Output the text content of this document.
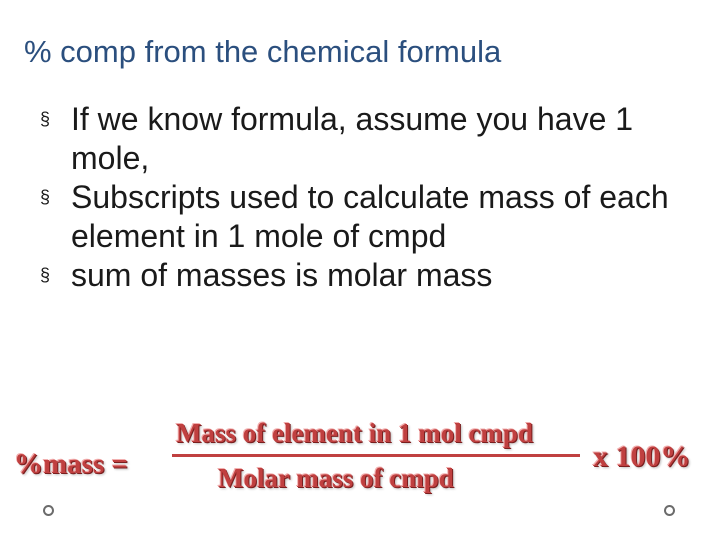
% comp from the chemical formula
§ If we know formula, assume you have 1 mole,
§ Subscripts used to calculate mass of each element in 1 mole of cmpd
§ sum of masses is molar mass
%mass =
Mass of element in 1 mol cmpd
Molar mass of cmpd
x 100%
